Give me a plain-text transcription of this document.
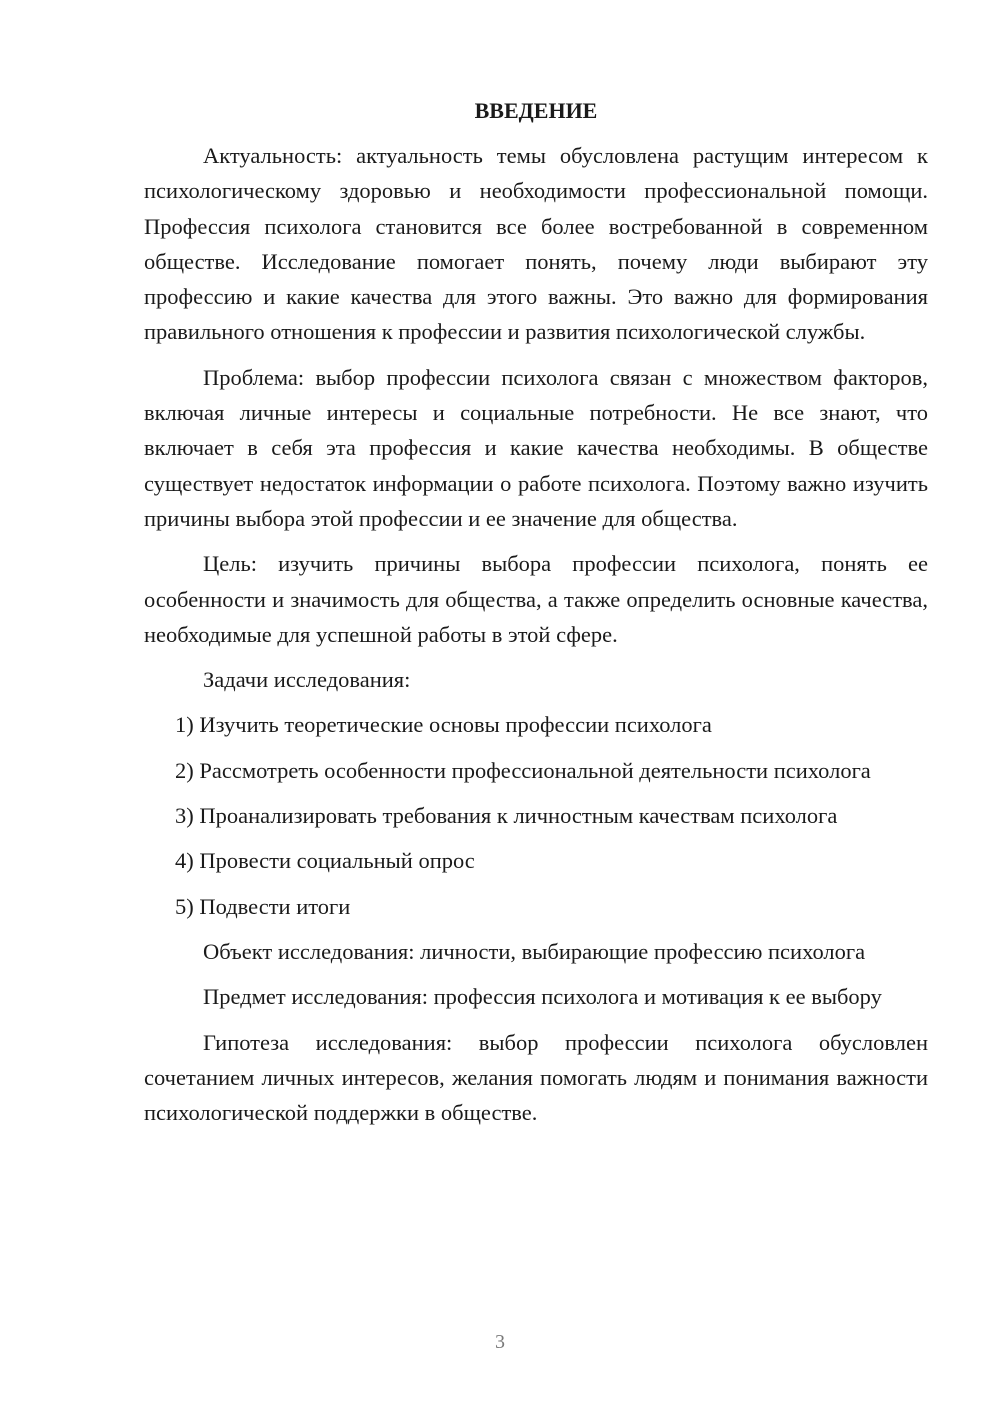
ВВЕДЕНИЕ

Актуальность: актуальность темы обусловлена растущим интересом к психологическому здоровью и необходимости профессиональной помощи. Профессия психолога становится все более востребованной в современном обществе. Исследование помогает понять, почему люди выбирают эту профессию и какие качества для этого важны. Это важно для формирования правильного отношения к профессии и развития психологической службы.

Проблема: выбор профессии психолога связан с множеством факторов, включая личные интересы и социальные потребности. Не все знают, что включает в себя эта профессия и какие качества необходимы. В обществе существует недостаток информации о работе психолога. Поэтому важно изучить причины выбора этой профессии и ее значение для общества.

Цель: изучить причины выбора профессии психолога, понять ее особенности и значимость для общества, а также определить основные качества, необходимые для успешной работы в этой сфере.

Задачи исследования:

1) Изучить теоретические основы профессии психолога

2) Рассмотреть особенности профессиональной деятельности психолога

3) Проанализировать требования к личностным качествам психолога

4) Провести социальный опрос

5) Подвести итоги

Объект исследования: личности, выбирающие профессию психолога

Предмет исследования: профессия психолога и мотивация к ее выбору

Гипотеза исследования: выбор профессии психолога обусловлен сочетанием личных интересов, желания помогать людям и понимания важности психологической поддержки в обществе.

3
